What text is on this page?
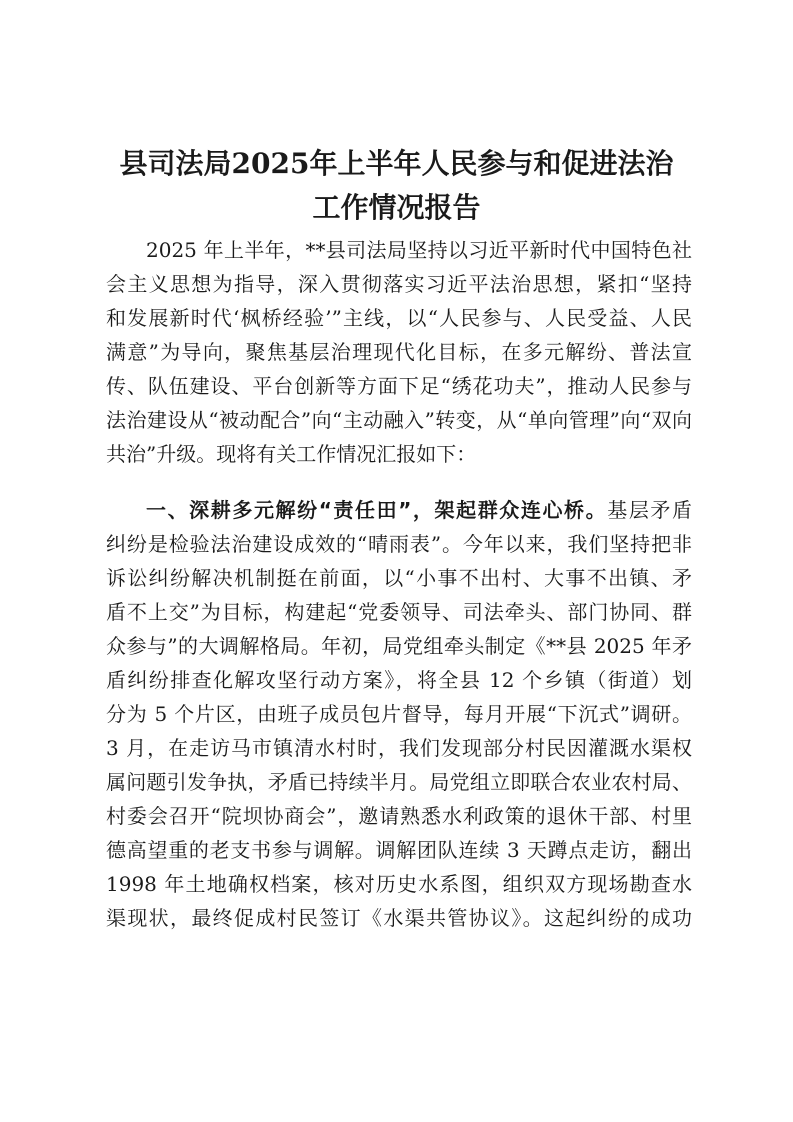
县司法局2025年上半年人民参与和促进法治
工作情况报告
2025 年上半年，**县司法局坚持以习近平新时代中国特色社
会主义思想为指导，深入贯彻落实习近平法治思想，紧扣“坚持
和发展新时代‘枫桥经验’”主线，以“人民参与、人民受益、人民
满意”为导向，聚焦基层治理现代化目标，在多元解纷、普法宣
传、队伍建设、平台创新等方面下足“绣花功夫”，推动人民参与
法治建设从“被动配合”向“主动融入”转变，从“单向管理”向“双向
共治”升级。现将有关工作情况汇报如下：
一、深耕多元解纷“责任田”，架起群众连心桥。基层矛盾
纠纷是检验法治建设成效的“晴雨表”。今年以来，我们坚持把非
诉讼纠纷解决机制挺在前面，以“小事不出村、大事不出镇、矛
盾不上交”为目标，构建起“党委领导、司法牵头、部门协同、群
众参与”的大调解格局。年初，局党组牵头制定《**县 2025 年矛
盾纠纷排查化解攻坚行动方案》，将全县 12 个乡镇（街道）划
分为 5 个片区，由班子成员包片督导，每月开展“下沉式”调研。
3 月，在走访马市镇清水村时，我们发现部分村民因灌溉水渠权
属问题引发争执，矛盾已持续半月。局党组立即联合农业农村局、
村委会召开“院坝协商会”，邀请熟悉水利政策的退休干部、村里
德高望重的老支书参与调解。调解团队连续 3 天蹲点走访，翻出
1998 年土地确权档案，核对历史水系图，组织双方现场勘查水
渠现状，最终促成村民签订《水渠共管协议》。这起纠纷的成功
